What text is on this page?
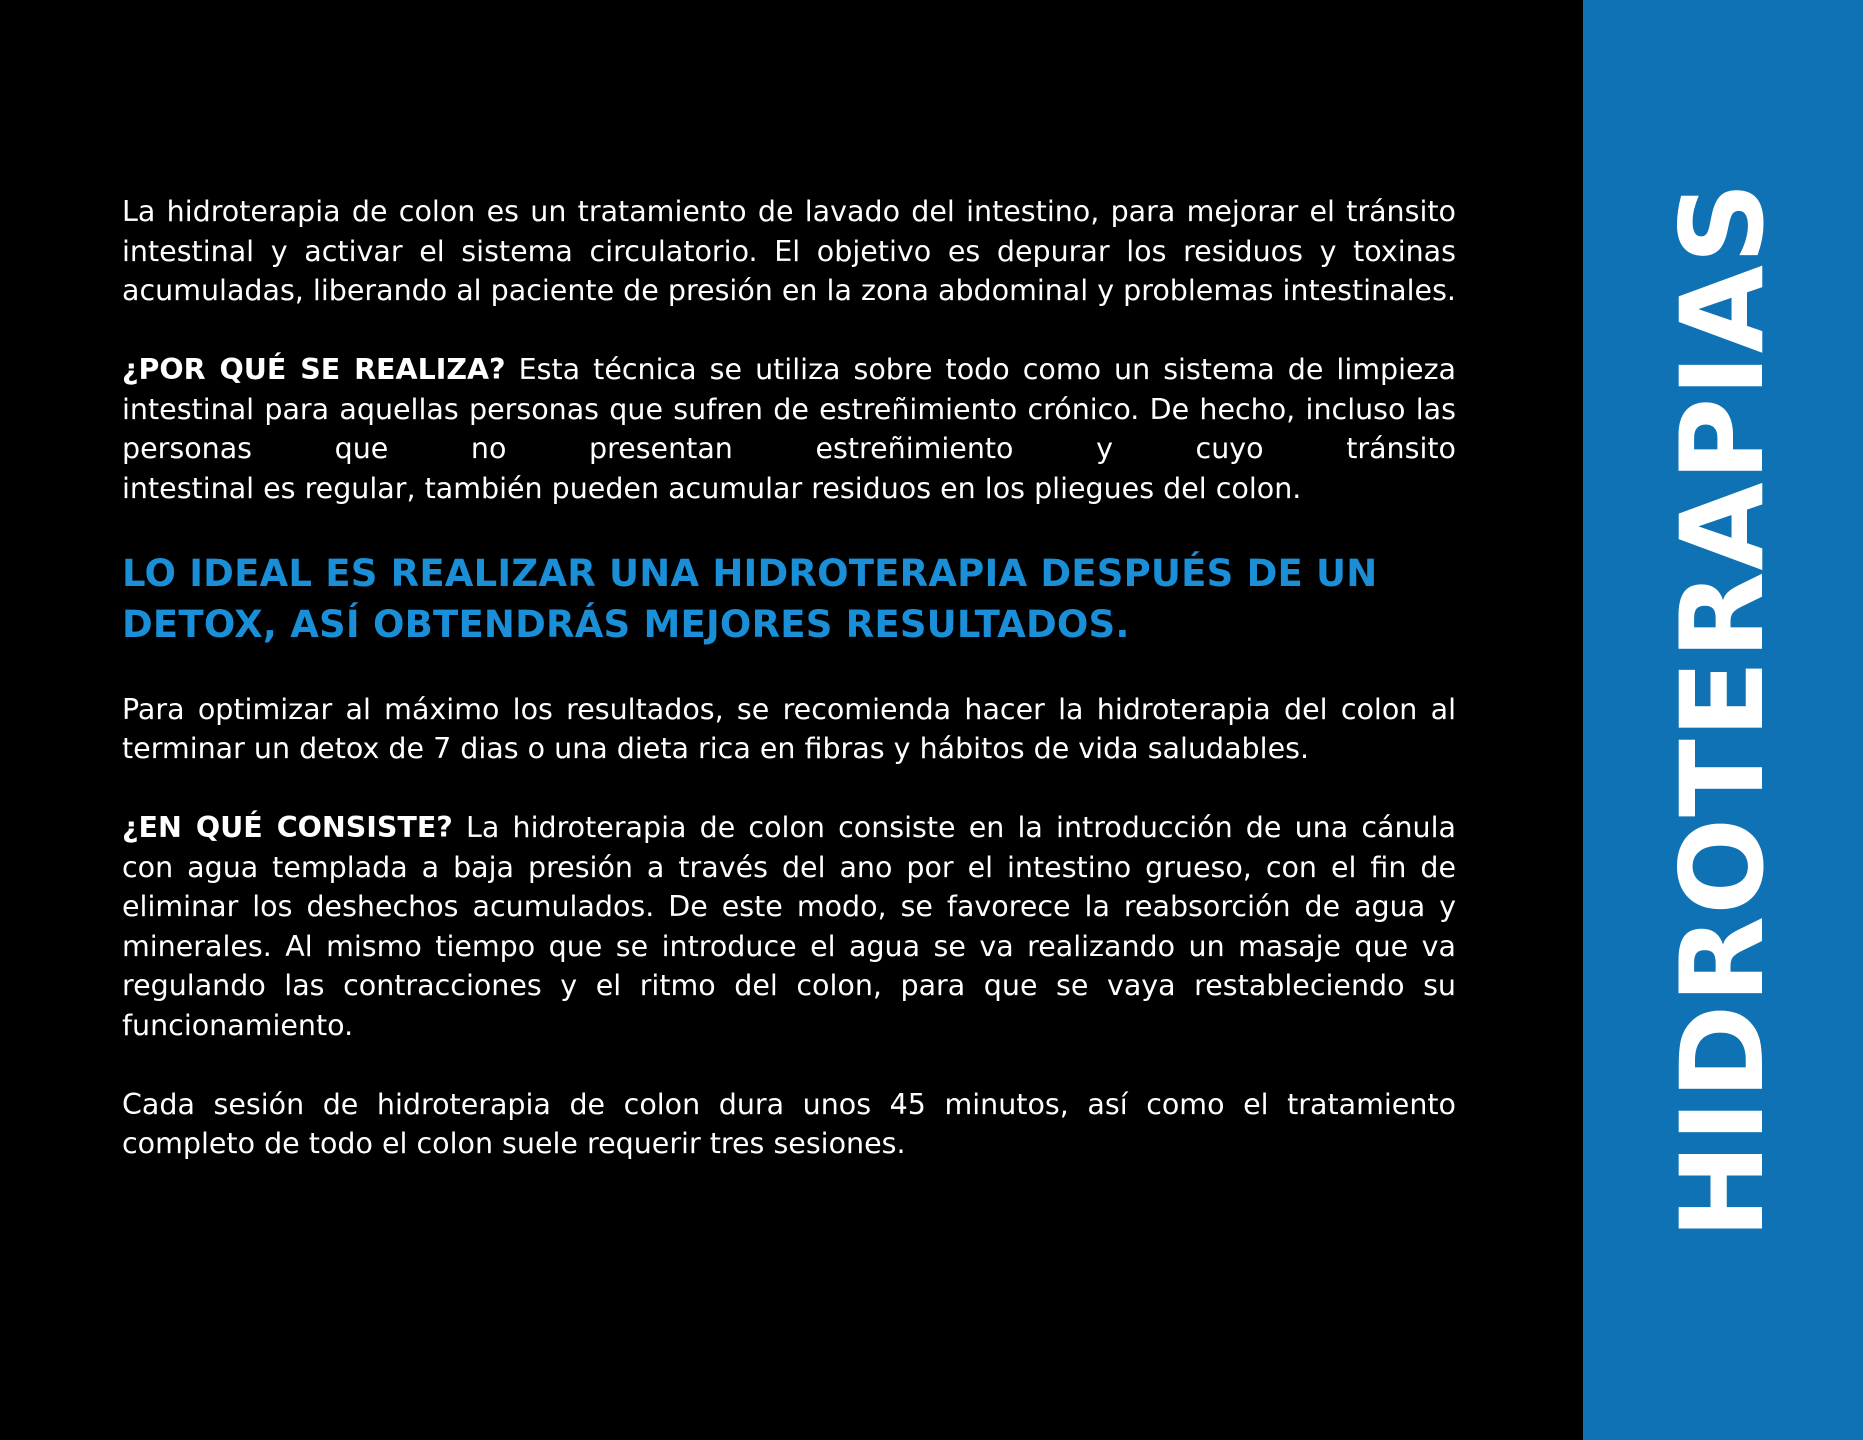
La hidroterapia de colon es un tratamiento de lavado del intestino, para mejorar el tránsito intestinal y activar el sistema circulatorio. El objetivo es depurar los residuos y toxinas acumuladas, liberando al paciente de presión en la zona abdominal y problemas intestinales.

¿POR QUÉ SE REALIZA? Esta técnica se utiliza sobre todo como un sistema de limpieza intestinal para aquellas personas que sufren de estreñimiento crónico. De hecho, incluso las personas que no presentan estreñimiento y cuyo tránsito intestinal es regular, también pueden acumular residuos en los pliegues del colon.

LO IDEAL ES REALIZAR UNA HIDROTERAPIA DESPUÉS DE UN DETOX, ASÍ OBTENDRÁS MEJORES RESULTADOS.

Para optimizar al máximo los resultados, se recomienda hacer la hidroterapia del colon al terminar un detox de 7 dias o una dieta rica en fibras y hábitos de vida saludables.

¿EN QUÉ CONSISTE? La hidroterapia de colon consiste en la introducción de una cánula con agua templada a baja presión a través del ano por el intestino grueso, con el fin de eliminar los deshechos acumulados. De este modo, se favorece la reabsorción de agua y minerales. Al mismo tiempo que se introduce el agua se va realizando un masaje que va regulando las contracciones y el ritmo del colon, para que se vaya restableciendo su funcionamiento.

Cada sesión de hidroterapia de colon dura unos 45 minutos, así como el tratamiento completo de todo el colon suele requerir tres sesiones.	HIDROTERAPIAS
